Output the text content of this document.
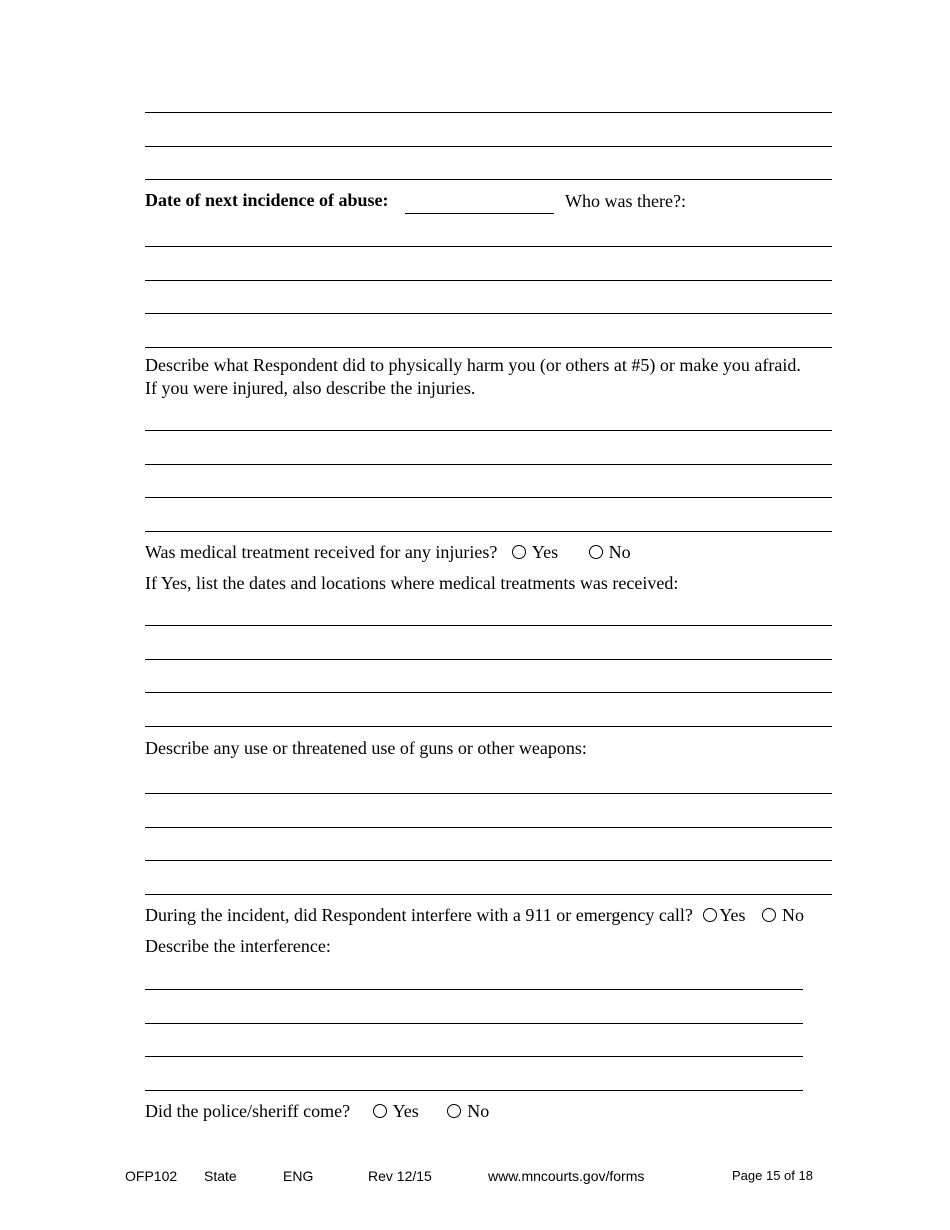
Date of next incidence of abuse:	Who was there?:
Describe what Respondent did to physically harm you (or others at #5) or make you afraid.
If you were injured, also describe the injuries.
Was medical treatment received for any injuries? Yes	No
If Yes, list the dates and locations where medical treatments was received:
Describe any use or threatened use of guns or other weapons:
During the incident, did Respondent interfere with a 911 or emergency call? Yes No
Describe the interference:
Did the police/sheriff come? Yes	No
OFP102 State	ENG	Rev 12/15	www.mncourts.gov/forms	Page 15 of 18
